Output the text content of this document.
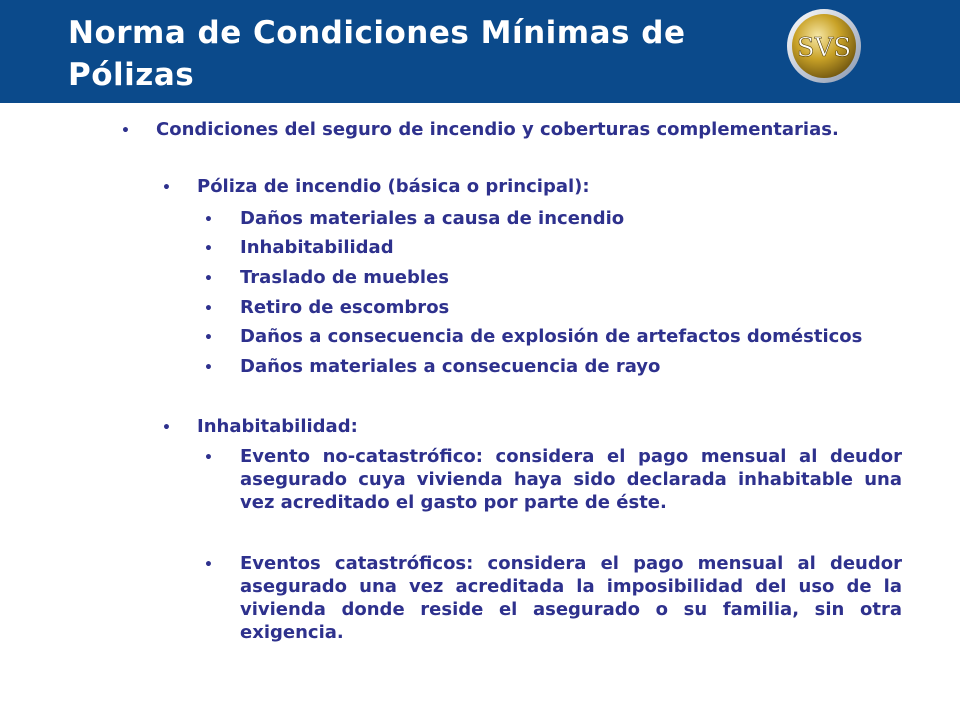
Norma de Condiciones Mínimas de Pólizas
SVS
• Condiciones del seguro de incendio y coberturas complementarias.
• Póliza de incendio (básica o principal):
• Daños materiales a causa de incendio
• Inhabitabilidad
• Traslado de muebles
• Retiro de escombros
• Daños a consecuencia de explosión de artefactos domésticos
• Daños materiales a consecuencia de rayo
• Inhabitabilidad:
• Evento no-catastrófico: considera el pago mensual al deudor asegurado cuya vivienda haya sido declarada inhabitable una vez acreditado el gasto por parte de éste.
• Eventos catastróficos: considera el pago mensual al deudor asegurado una vez acreditada la imposibilidad del uso de la vivienda donde reside el asegurado o su familia, sin otra exigencia.
